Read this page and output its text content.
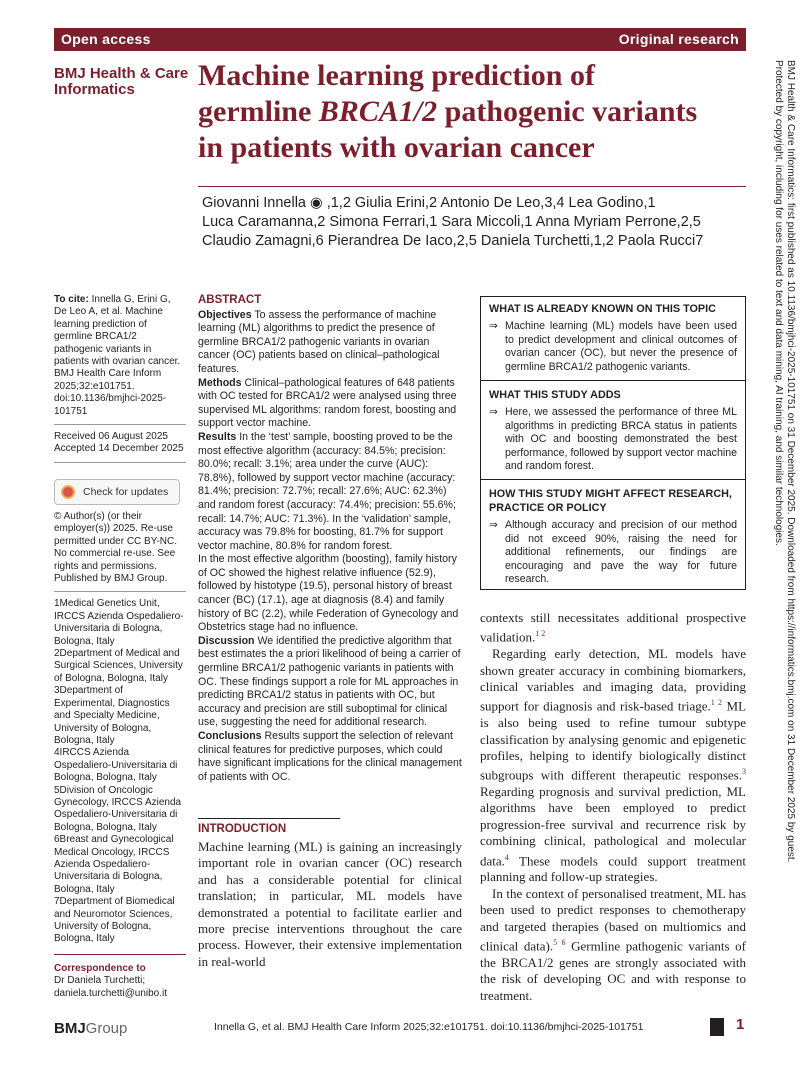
Open access	Original research
BMJ Health & Care Informatics	Machine learning prediction of
germline BRCA1/2 pathogenic variants
in patients with ovarian cancer
Giovanni Innella ◉ ,1,2 Giulia Erini,2 Antonio De Leo,3,4 Lea Godino,1
Luca Caramanna,2 Simona Ferrari,1 Sara Miccoli,1 Anna Myriam Perrone,2,5
Claudio Zamagni,6 Pierandrea De Iaco,2,5 Daniela Turchetti,1,2 Paola Rucci7
To cite: Innella G, Erini G, De Leo A, et al. Machine learning prediction of germline BRCA1/2 pathogenic variants in patients with ovarian cancer. BMJ Health Care Inform 2025;32:e101751. doi:10.1136/bmjhci-2025-101751
Received 06 August 2025
Accepted 14 December 2025
Check for updates
© Author(s) (or their employer(s)) 2025. Re-use permitted under CC BY-NC. No commercial re-use. See rights and permissions. Published by BMJ Group.

1Medical Genetics Unit, IRCCS Azienda Ospedaliero-Universitaria di Bologna, Bologna, Italy

2Department of Medical and Surgical Sciences, University of Bologna, Bologna, Italy

3Department of Experimental, Diagnostics and Specialty Medicine, University of Bologna, Bologna, Italy

4IRCCS Azienda Ospedaliero-Universitaria di Bologna, Bologna, Italy

5Division of Oncologic Gynecology, IRCCS Azienda Ospedaliero-Universitaria di Bologna, Bologna, Italy

6Breast and Gynecological Medical Oncology, IRCCS Azienda Ospedaliero-Universitaria di Bologna, Bologna, Italy

7Department of Biomedical and Neuromotor Sciences, University of Bologna, Bologna, Italy

Correspondence to
Dr Daniela Turchetti;
daniela.turchetti@unibo.it
ABSTRACT
Objectives To assess the performance of machine learning (ML) algorithms to predict the presence of germline BRCA1/2 pathogenic variants in ovarian cancer (OC) patients based on clinical–pathological features.
Methods Clinical–pathological features of 648 patients with OC tested for BRCA1/2 were analysed using three supervised ML algorithms: random forest, boosting and support vector machine.
Results In the ‘test’ sample, boosting proved to be the most effective algorithm (accuracy: 84.5%; precision: 80.0%; recall: 3.1%; area under the curve (AUC): 78.8%), followed by support vector machine (accuracy: 81.4%; precision: 72.7%; recall: 27.6%; AUC: 62.3%) and random forest (accuracy: 74.4%; precision: 55.6%; recall: 14.7%; AUC: 71.3%). In the ‘validation’ sample, accuracy was 79.8% for boosting, 81.7% for support vector machine, 80.8% for random forest.
In the most effective algorithm (boosting), family history of OC showed the highest relative influence (52.9), followed by histotype (19.5), personal history of breast cancer (BC) (17.1), age at diagnosis (8.4) and family history of BC (2.2), while Federation of Gynecology and Obstetrics stage had no influence.
Discussion We identified the predictive algorithm that best estimates the a priori likelihood of being a carrier of germline BRCA1/2 pathogenic variants in patients with OC. These findings support a role for ML approaches in predicting BRCA1/2 status in patients with OC, but accuracy and precision are still suboptimal for clinical use, suggesting the need for additional research.
Conclusions Results support the selection of relevant clinical features for predictive purposes, which could have significant implications for the clinical management of patients with OC.
INTRODUCTION
Machine learning (ML) is gaining an increasingly important role in ovarian cancer (OC) research and has a considerable potential for clinical translation; in particular, ML models have demonstrated a potential to facilitate earlier and more precise interventions throughout the care process. However, their extensive implementation in real-world
WHAT IS ALREADY KNOWN ON THIS TOPIC
⇒ Machine learning (ML) models have been used to predict development and clinical outcomes of ovarian cancer (OC), but never the presence of germline BRCA1/2 pathogenic variants.
WHAT THIS STUDY ADDS
⇒ Here, we assessed the performance of three ML algorithms in predicting BRCA status in patients with OC and boosting demonstrated the best performance, followed by support vector machine and random forest.
HOW THIS STUDY MIGHT AFFECT RESEARCH, PRACTICE OR POLICY
⇒ Although accuracy and precision of our method did not exceed 90%, raising the need for additional refinements, our findings are encouraging and pave the way for future research.

contexts still necessitates additional prospective validation.$^{1 2}$

Regarding early detection, ML models have shown greater accuracy in combining biomarkers, clinical variables and imaging data, providing support for diagnosis and risk-based triage.$^{1 2}$ ML is also being used to refine tumour subtype classification by analysing genomic and epigenetic profiles, helping to identify biologically distinct subgroups with different therapeutic responses.$^3$ Regarding prognosis and survival prediction, ML algorithms have been employed to predict progression-free survival and recurrence risk by combining clinical, pathological and molecular data.$^4$ These models could support treatment planning and follow-up strategies.

In the context of personalised treatment, ML has been used to predict responses to chemotherapy and targeted therapies (based on multiomics and clinical data).$^{5 6}$ Germline pathogenic variants of the BRCA1/2 genes are strongly associated with the risk of developing OC and with response to treatment.

BMJ Health & Care Informatics: first published as 10.1136/bmjhci-2025-101751 on 31 December 2025. Downloaded from https://informatics.bmj.com on 31 December 2025 by guest.
Protected by copyright, including for uses related to text and data mining, AI training, and similar technologies.
BMJGroup	Innella G, et al. BMJ Health Care Inform 2025;32:e101751. doi:10.1136/bmjhci-2025-101751	1
